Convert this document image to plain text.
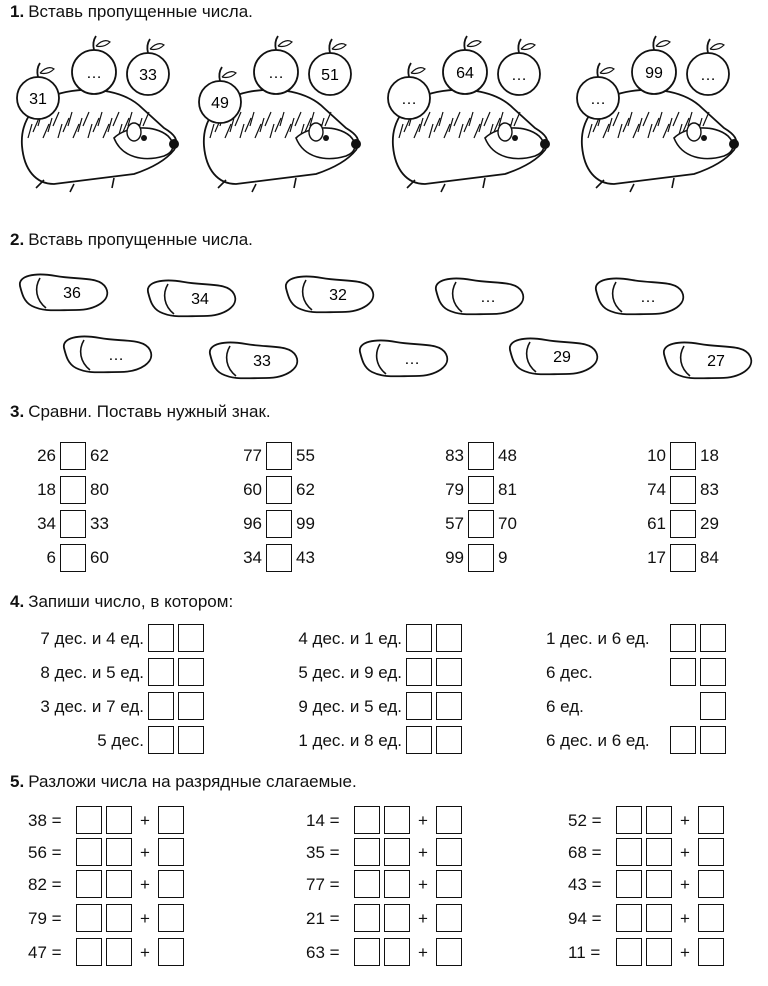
1. Вставь пропущенные числа.
31
… 33
49
… 51
…
64 …
…
99 …
2. Вставь пропущенные числа.
36	34	32	…	…
…	33	…	29	27
3. Сравни. Поставь нужный знак.
26 62
18 80
34 33
6 60
77 55
60 62
96 99
34 43
83 48
79 81
57 70
99 9
10 18
74 83
61 29
17 84
4. Запиши число, в котором:
7 дес. и 4 ед.
8 дес. и 5 ед.
3 дес. и 7 ед.
5 дес.
4 дес. и 1 ед.
5 дес. и 9 ед.
9 дес. и 5 ед.
1 дес. и 8 ед.
1 дес. и 6 ед.
6 дес.
6 ед.
6 дес. и 6 ед.
5. Разложи числа на разрядные слагаемые.
38 =	+
56 =	+
82 =	+
79 =	+
47 =	+
14 =	+
35 =	+
77 =	+
21 =	+
63 =	+
52 =	+
68 =	+
43 =	+
94 =	+
11 =	+
